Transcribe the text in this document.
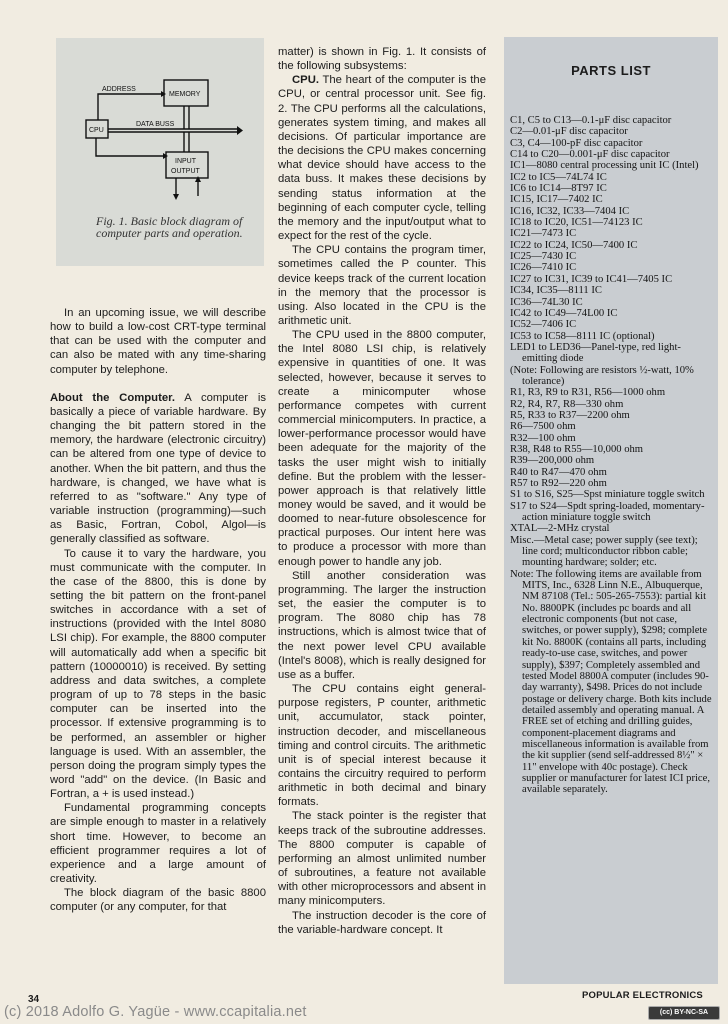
ADDRESS
MEMORY
DATA BUSS
CPU
INPUT
OUTPUT
Fig. 1. Basic block diagram of computer parts and operation.

In an upcoming issue, we will describe how to build a low-cost CRT-type terminal that can be used with the computer and can also be mated with any time-sharing computer by telephone.

About the Computer. A computer is basically a piece of variable hardware. By changing the bit pattern stored in the memory, the hardware (electronic circuitry) can be altered from one type of device to another. When the bit pattern, and thus the hardware, is changed, we have what is referred to as "software." Any type of variable instruction (programming)—such as Basic, Fortran, Cobol, Algol—is generally classified as software.

To cause it to vary the hardware, you must communicate with the computer. In the case of the 8800, this is done by setting the bit pattern on the front-panel switches in accordance with a set of instructions (provided with the Intel 8080 LSI chip). For example, the 8800 computer will automatically add when a specific bit pattern (10000010) is received. By setting address and data switches, a complete program of up to 78 steps in the basic computer can be inserted into the processor. If extensive programming is to be performed, an assembler or higher language is used. With an assembler, the person doing the program simply types the word "add" on the device. (In Basic and Fortran, a + is used instead.)

Fundamental programming concepts are simple enough to master in a relatively short time. However, to become an efficient programmer requires a lot of experience and a large amount of creativity.

The block diagram of the basic 8800 computer (or any computer, for that

matter) is shown in Fig. 1. It consists of the following subsystems:

CPU. The heart of the computer is the CPU, or central processor unit. See fig. 2. The CPU performs all the calculations, generates system timing, and makes all decisions. Of particular importance are the decisions the CPU makes concerning what device should have access to the data buss. It makes these decisions by sending status information at the beginning of each computer cycle, telling the memory and the input/output what to expect for the rest of the cycle.

The CPU contains the program timer, sometimes called the P counter. This device keeps track of the current location in the memory that the processor is using. Also located in the CPU is the arithmetic unit.

The CPU used in the 8800 computer, the Intel 8080 LSI chip, is relatively expensive in quantities of one. It was selected, however, because it serves to create a minicomputer whose performance competes with current commercial minicomputers. In practice, a lower-performance processor would have been adequate for the majority of the tasks the user might wish to initially define. But the problem with the lesser-power approach is that relatively little money would be saved, and it would be doomed to near-future obsolescence for practical purposes. Our intent here was to produce a processor with more than enough power to handle any job.

Still another consideration was programming. The larger the instruction set, the easier the computer is to program. The 8080 chip has 78 instructions, which is almost twice that of the next power level CPU available (Intel's 8008), which is really designed for use as a buffer.

The CPU contains eight general-purpose registers, P counter, arithmetic unit, accumulator, stack pointer, instruction decoder, and miscellaneous timing and control circuits. The arithmetic unit is of special interest because it contains the circuitry required to perform arithmetic in both decimal and binary formats.

The stack pointer is the register that keeps track of the subroutine addresses. The 8800 computer is capable of performing an almost unlimited number of subroutines, a feature not available with other microprocessors and absent in many minicomputers.

The instruction decoder is the core of the variable-hardware concept. It

PARTS LIST
C1, C5 to C13—0.1-μF disc capacitor
C2—0.01-μF disc capacitor
C3, C4—100-pF disc capacitor
C14 to C20—0.001-μF disc capacitor
IC1—8080 central processing unit IC (Intel)
IC2 to IC5—74L74 IC
IC6 to IC14—8T97 IC
IC15, IC17—7402 IC
IC16, IC32, IC33—7404 IC
IC18 to IC20, IC51—74123 IC
IC21—7473 IC
IC22 to IC24, IC50—7400 IC
IC25—7430 IC
IC26—7410 IC
IC27 to IC31, IC39 to IC41—7405 IC
IC34, IC35—8111 IC
IC36—74L30 IC
IC42 to IC49—74L00 IC
IC52—7406 IC
IC53 to IC58—8111 IC (optional)
LED1 to LED36—Panel-type, red light-emitting diode
(Note: Following are resistors ½-watt, 10% tolerance)
R1, R3, R9 to R31, R56—1000 ohm
R2, R4, R7, R8—330 ohm
R5, R33 to R37—2200 ohm
R6—7500 ohm
R32—100 ohm
R38, R48 to R55—10,000 ohm
R39—200,000 ohm
R40 to R47—470 ohm
R57 to R92—220 ohm
S1 to S16, S25—Spst miniature toggle switch
S17 to S24—Spdt spring-loaded, momentary-action miniature toggle switch
XTAL—2-MHz crystal
Misc.—Metal case; power supply (see text); line cord; multiconductor ribbon cable; mounting hardware; solder; etc.
Note: The following items are available from MITS, Inc., 6328 Linn N.E., Albuquerque, NM 87108 (Tel.: 505-265-7553): partial kit No. 8800PK (includes pc boards and all electronic components (but not case, switches, or power supply), $298; complete kit No. 8800K (contains all parts, including ready-to-use case, switches, and power supply), $397; Completely assembled and tested Model 8800A computer (includes 90-day warranty), $498. Prices do not include postage or delivery charge. Both kits include detailed assembly and operating manual. A FREE set of etching and drilling guides, component-placement diagrams and miscellaneous information is available from the kit supplier (send self-addressed 8½" × 11" envelope with 40c postage). Check supplier or manufacturer for latest ICI price, available separately.
34	POPULAR ELECTRONICS
(c) 2018 Adolfo G. Yagüe - www.ccapitalia.net	(cc) BY-NC-SA
